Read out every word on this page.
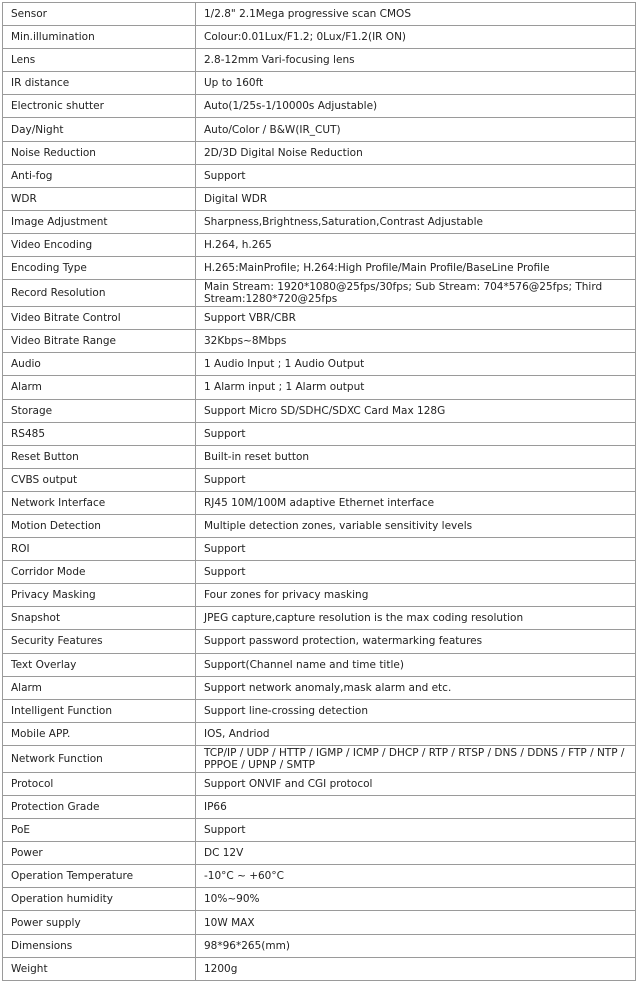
Sensor	1/2.8" 2.1Mega progressive scan CMOS
Min.illumination	Colour:0.01Lux/F1.2; 0Lux/F1.2(IR ON)
Lens	2.8-12mm Vari-focusing lens
IR distance	Up to 160ft
Electronic shutter	Auto(1/25s-1/10000s Adjustable)
Day/Night	Auto/Color / B&W(IR_CUT)
Noise Reduction	2D/3D Digital Noise Reduction
Anti-fog	Support
WDR	Digital WDR
Image Adjustment	Sharpness,Brightness,Saturation,Contrast Adjustable
Video Encoding	H.264, h.265
Encoding Type	H.265:MainProfile; H.264:High Profile/Main Profile/BaseLine Profile
Record Resolution	Main Stream: 1920*1080@25fps/30fps; Sub Stream: 704*576@25fps; Third Stream:1280*720@25fps
Video Bitrate Control	Support VBR/CBR
Video Bitrate Range	32Kbps~8Mbps
Audio	1 Audio Input ; 1 Audio Output
Alarm	1 Alarm input ; 1 Alarm output
Storage	Support Micro SD/SDHC/SDXC Card Max 128G
RS485	Support
Reset Button	Built-in reset button
CVBS output	Support
Network Interface	RJ45 10M/100M adaptive Ethernet interface
Motion Detection	Multiple detection zones, variable sensitivity levels
ROI	Support
Corridor Mode	Support
Privacy Masking	Four zones for privacy masking
Snapshot	JPEG capture,capture resolution is the max coding resolution
Security Features	Support password protection, watermarking features
Text Overlay	Support(Channel name and time title)
Alarm	Support network anomaly,mask alarm and etc.
Intelligent Function	Support line-crossing detection
Mobile APP.	IOS, Andriod
Network Function	TCP/IP / UDP / HTTP / IGMP / ICMP / DHCP / RTP / RTSP / DNS / DDNS / FTP / NTP / PPPOE / UPNP / SMTP
Protocol	Support ONVIF and CGI protocol
Protection Grade	IP66
PoE	Support
Power	DC 12V
Operation Temperature	-10°C ~ +60°C
Operation humidity	10%~90%
Power supply	10W MAX
Dimensions	98*96*265(mm)
Weight	1200g
